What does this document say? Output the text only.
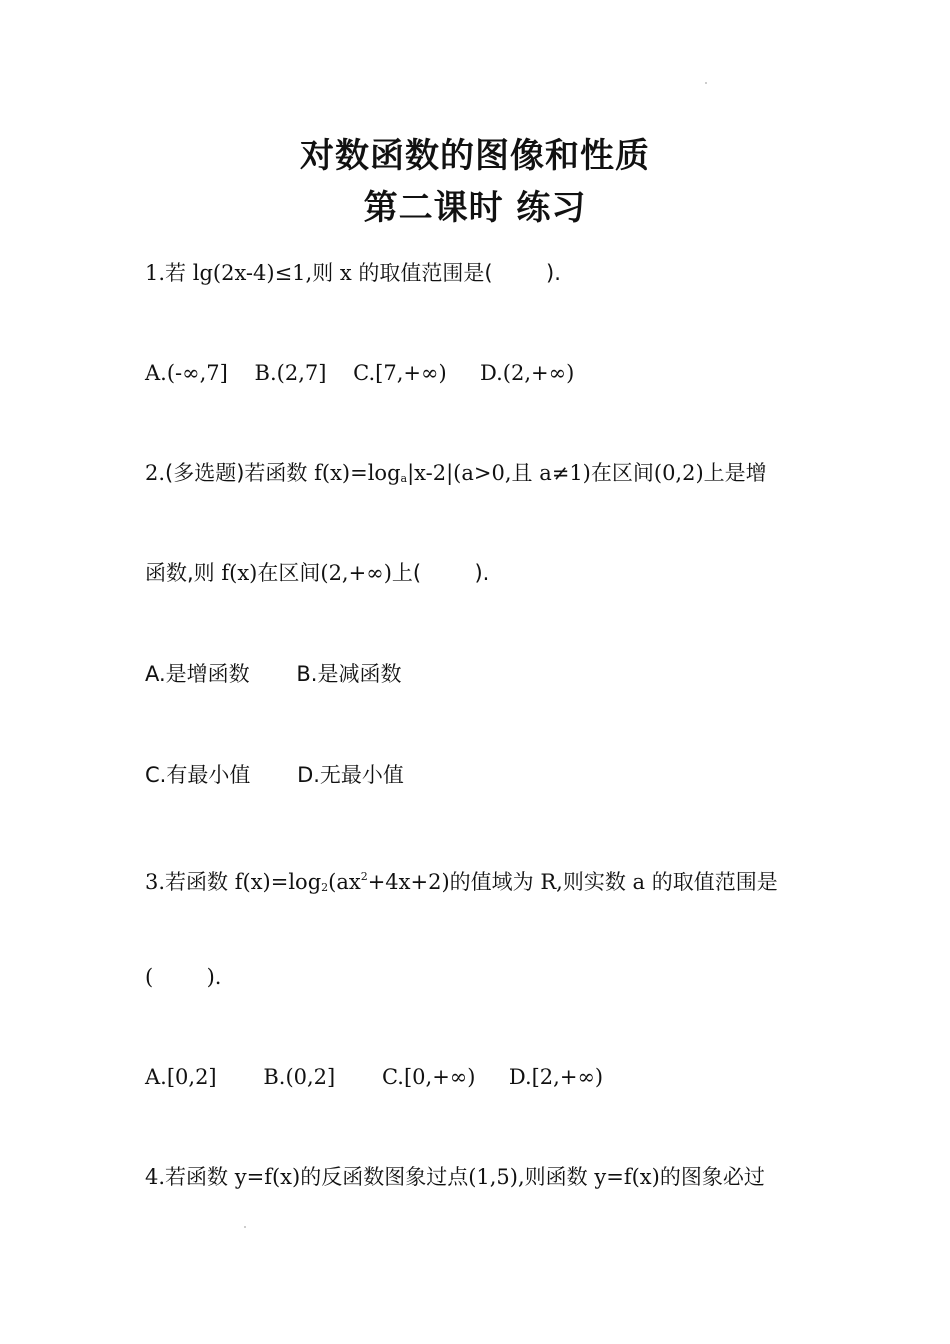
对数函数的图像和性质
第二课时 练习
1.若 lg(2x-4)≤1,则 x 的取值范围是(        ).
A.(-∞,7]    B.(2,7]    C.[7,+∞)     D.(2,+∞)
2.(多选题)若函数 $f(x)=\log_a|x-2|(a>0$,且 a≠1)在区间(0,2)上是增
函数,则 f(x)在区间(2,+∞)上(        ).
A.是增函数       B.是减函数
C.有最小值       D.无最小值
3.若函数 $f(x)=\log_2(ax^2+4x+2)$的值域为 R,则实数 a 的取值范围是
(        ).
A.[0,2]       B.(0,2]       C.[0,+∞)     D.[2,+∞)
4.若函数 y=f(x)的反函数图象过点(1,5),则函数 y=f(x)的图象必过
